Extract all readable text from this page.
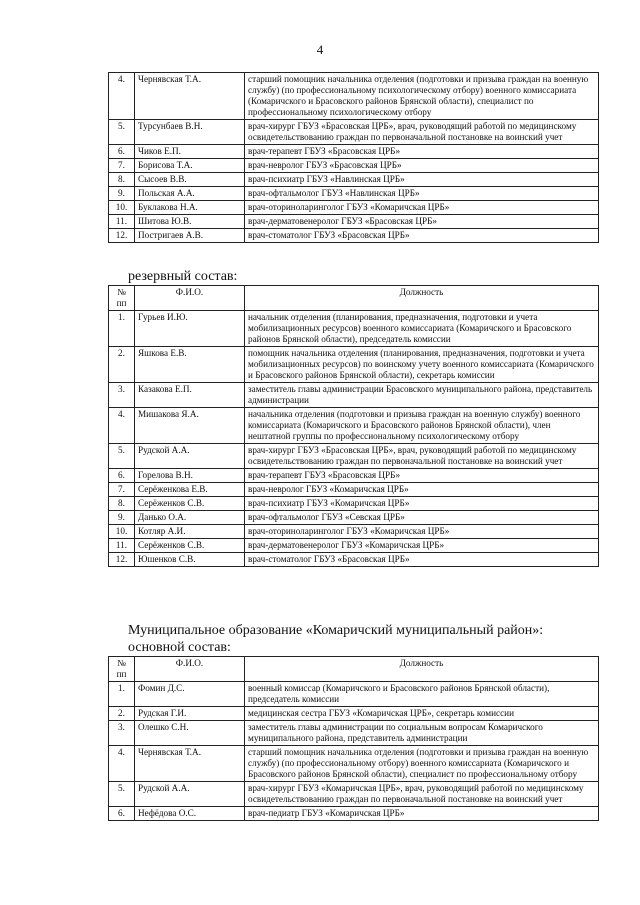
4
4.	Чернявская Т.А.	старший помощник начальника отделения (подготовки и призыва граждан на военную службу) (по профессиональному психологическому отбору) военного комиссариата (Комаричского и Брасовского районов Брянской области), специалист по профессиональному психологическому отбору
5.	Турсунбаев В.Н.	врач-хирург ГБУЗ «Брасовская ЦРБ», врач, руководящий работой по медицинскому освидетельствованию граждан по первоначальной постановке на воинский учет
6.	Чиков Е.П.	врач-терапевт ГБУЗ «Брасовская ЦРБ»
7.	Борисова Т.А.	врач-невролог ГБУЗ «Брасовская ЦРБ»
8.	Сысоев В.В.	врач-психиатр ГБУЗ «Навлинская ЦРБ»
9.	Польская А.А.	врач-офтальмолог ГБУЗ «Навлинская ЦРБ»
10.	Буклакова Н.А.	врач-оториноларинголог ГБУЗ «Комаричская ЦРБ»
11.	Шитова Ю.В.	врач-дерматовенеролог ГБУЗ «Брасовская ЦРБ»
12.	Постригаев А.В.	врач-стоматолог ГБУЗ «Брасовская ЦРБ»
резервный состав:
№ пп	Ф.И.О.	Должность
1.	Гурьев И.Ю.	начальник отделения (планирования, предназначения, подготовки и учета мобилизационных ресурсов) военного комиссариата (Комаричского и Брасовского районов Брянской области), председатель комиссии
2.	Яшкова Е.В.	помощник начальника отделения (планирования, предназначения, подготовки и учета мобилизационных ресурсов) по воинскому учету военного комиссариата (Комаричского и Брасовского районов Брянской области), секретарь комиссии
3.	Казакова Е.П.	заместитель главы администрации Брасовского муниципального района, представитель администрации
4.	Мишакова Я.А.	начальника отделения (подготовки и призыва граждан на военную службу) военного комиссариата (Комаричского и Брасовского районов Брянской области), член нештатной группы по профессиональному психологическому отбору
5.	Рудской А.А.	врач-хирург ГБУЗ «Брасовская ЦРБ», врач, руководящий работой по медицинскому освидетельствованию граждан по первоначальной постановке на воинский учет
6.	Горелова В.Н.	врач-терапевт ГБУЗ «Брасовская ЦРБ»
7.	Серёженкова Е.В.	врач-невролог ГБУЗ «Комаричская ЦРБ»
8.	Серёженков С.В.	врач-психиатр ГБУЗ «Комаричская ЦРБ»
9.	Данько О.А.	врач-офтальмолог ГБУЗ «Севская ЦРБ»
10.	Котляр А.И.	врач-оториноларинголог ГБУЗ «Комаричская ЦРБ»
11.	Серёженков С.В.	врач-дерматовенеролог ГБУЗ «Комаричская ЦРБ»
12.	Юшенков С.В.	врач-стоматолог ГБУЗ «Брасовская ЦРБ»
Муниципальное образование «Комаричский муниципальный район»:
основной состав:
№ пп	Ф.И.О.	Должность
1.	Фомин Д.С.	военный комиссар (Комаричского и Брасовского районов Брянской области), председатель комиссии
2.	Рудская Г.И.	медицинская сестра ГБУЗ «Комаричская ЦРБ», секретарь комиссии
3.	Олешко С.Н.	заместитель главы администрации по социальным вопросам Комаричского муниципального района, представитель администрации
4.	Чернявская Т.А.	старший помощник начальника отделения (подготовки и призыва граждан на военную службу) (по профессиональному отбору) военного комиссариата (Комаричского и Брасовского районов Брянской области), специалист по профессиональному отбору
5.	Рудской А.А.	врач-хирург ГБУЗ «Комаричская ЦРБ», врач, руководящий работой по медицинскому освидетельствованию граждан по первоначальной постановке на воинский учет
6.	Нефёдова О.С.	врач-педиатр ГБУЗ «Комаричская ЦРБ»
